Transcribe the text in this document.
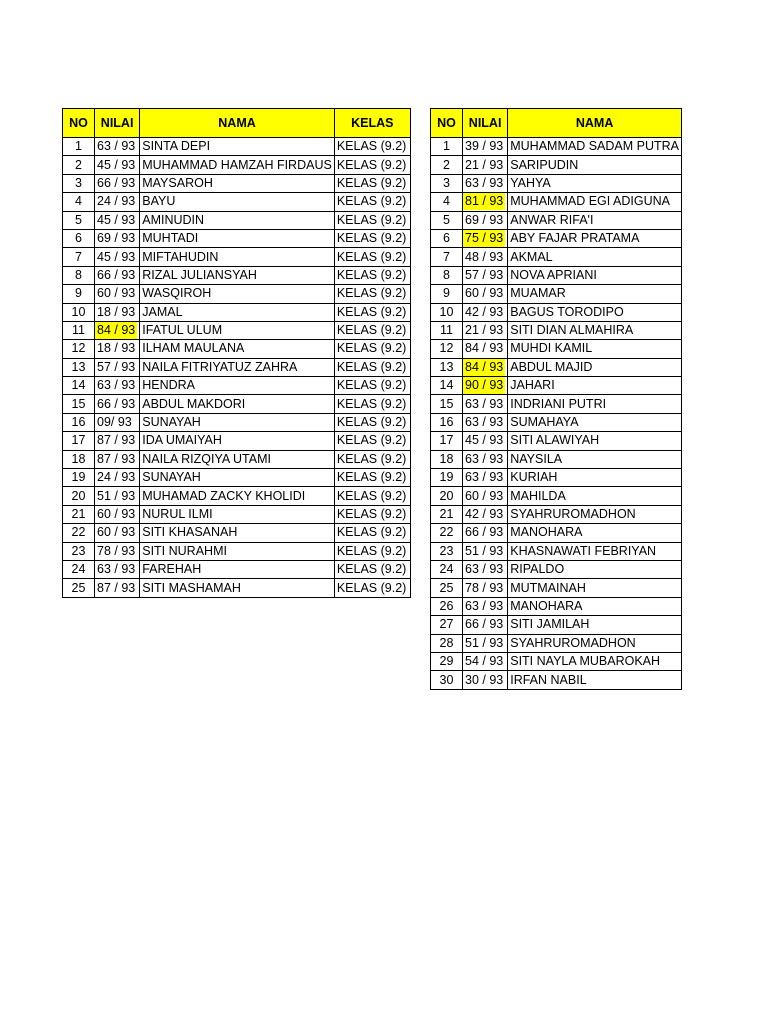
NO	NILAI	NAMA	KELAS
1	63 / 93	SINTA DEPI	KELAS (9.2)
2	45 / 93	MUHAMMAD HAMZAH FIRDAUS	KELAS (9.2)
3	66 / 93	MAYSAROH	KELAS (9.2)
4	24 / 93	BAYU	KELAS (9.2)
5	45 / 93	AMINUDIN	KELAS (9.2)
6	69 / 93	MUHTADI	KELAS (9.2)
7	45 / 93	MIFTAHUDIN	KELAS (9.2)
8	66 / 93	RIZAL JULIANSYAH	KELAS (9.2)
9	60 / 93	WASQIROH	KELAS (9.2)
10	18 / 93	JAMAL	KELAS (9.2)
11	84 / 93	IFATUL ULUM	KELAS (9.2)
12	18 / 93	ILHAM MAULANA	KELAS (9.2)
13	57 / 93	NAILA FITRIYATUZ ZAHRA	KELAS (9.2)
14	63 / 93	HENDRA	KELAS (9.2)
15	66 / 93	ABDUL MAKDORI	KELAS (9.2)
16	09/ 93	SUNAYAH	KELAS (9.2)
17	87 / 93	IDA UMAIYAH	KELAS (9.2)
18	87 / 93	NAILA RIZQIYA UTAMI	KELAS (9.2)
19	24 / 93	SUNAYAH	KELAS (9.2)
20	51 / 93	MUHAMAD ZACKY KHOLIDI	KELAS (9.2)
21	60 / 93	NURUL ILMI	KELAS (9.2)
22	60 / 93	SITI KHASANAH	KELAS (9.2)
23	78 / 93	SITI NURAHMI	KELAS (9.2)
24	63 / 93	FAREHAH	KELAS (9.2)
25	87 / 93	SITI MASHAMAH	KELAS (9.2)
NO	NILAI	NAMA
1	39 / 93	MUHAMMAD SADAM PUTRA
2	21 / 93	SARIPUDIN
3	63 / 93	YAHYA
4	81 / 93	MUHAMMAD EGI ADIGUNA
5	69 / 93	ANWAR RIFA'I
6	75 / 93	ABY FAJAR PRATAMA
7	48 / 93	AKMAL
8	57 / 93	NOVA APRIANI
9	60 / 93	MUAMAR
10	42 / 93	BAGUS TORODIPO
11	21 / 93	SITI DIAN ALMAHIRA
12	84 / 93	MUHDI KAMIL
13	84 / 93	ABDUL MAJID
14	90 / 93	JAHARI
15	63 / 93	INDRIANI PUTRI
16	63 / 93	SUMAHAYA
17	45 / 93	SITI ALAWIYAH
18	63 / 93	NAYSILA
19	63 / 93	KURIAH
20	60 / 93	MAHILDA
21	42 / 93	SYAHRUROMADHON
22	66 / 93	MANOHARA
23	51 / 93	KHASNAWATI FEBRIYAN
24	63 / 93	RIPALDO
25	78 / 93	MUTMAINAH
26	63 / 93	MANOHARA
27	66 / 93	SITI JAMILAH
28	51 / 93	SYAHRUROMADHON
29	54 / 93	SITI NAYLA MUBAROKAH
30	30 / 93	IRFAN NABIL
